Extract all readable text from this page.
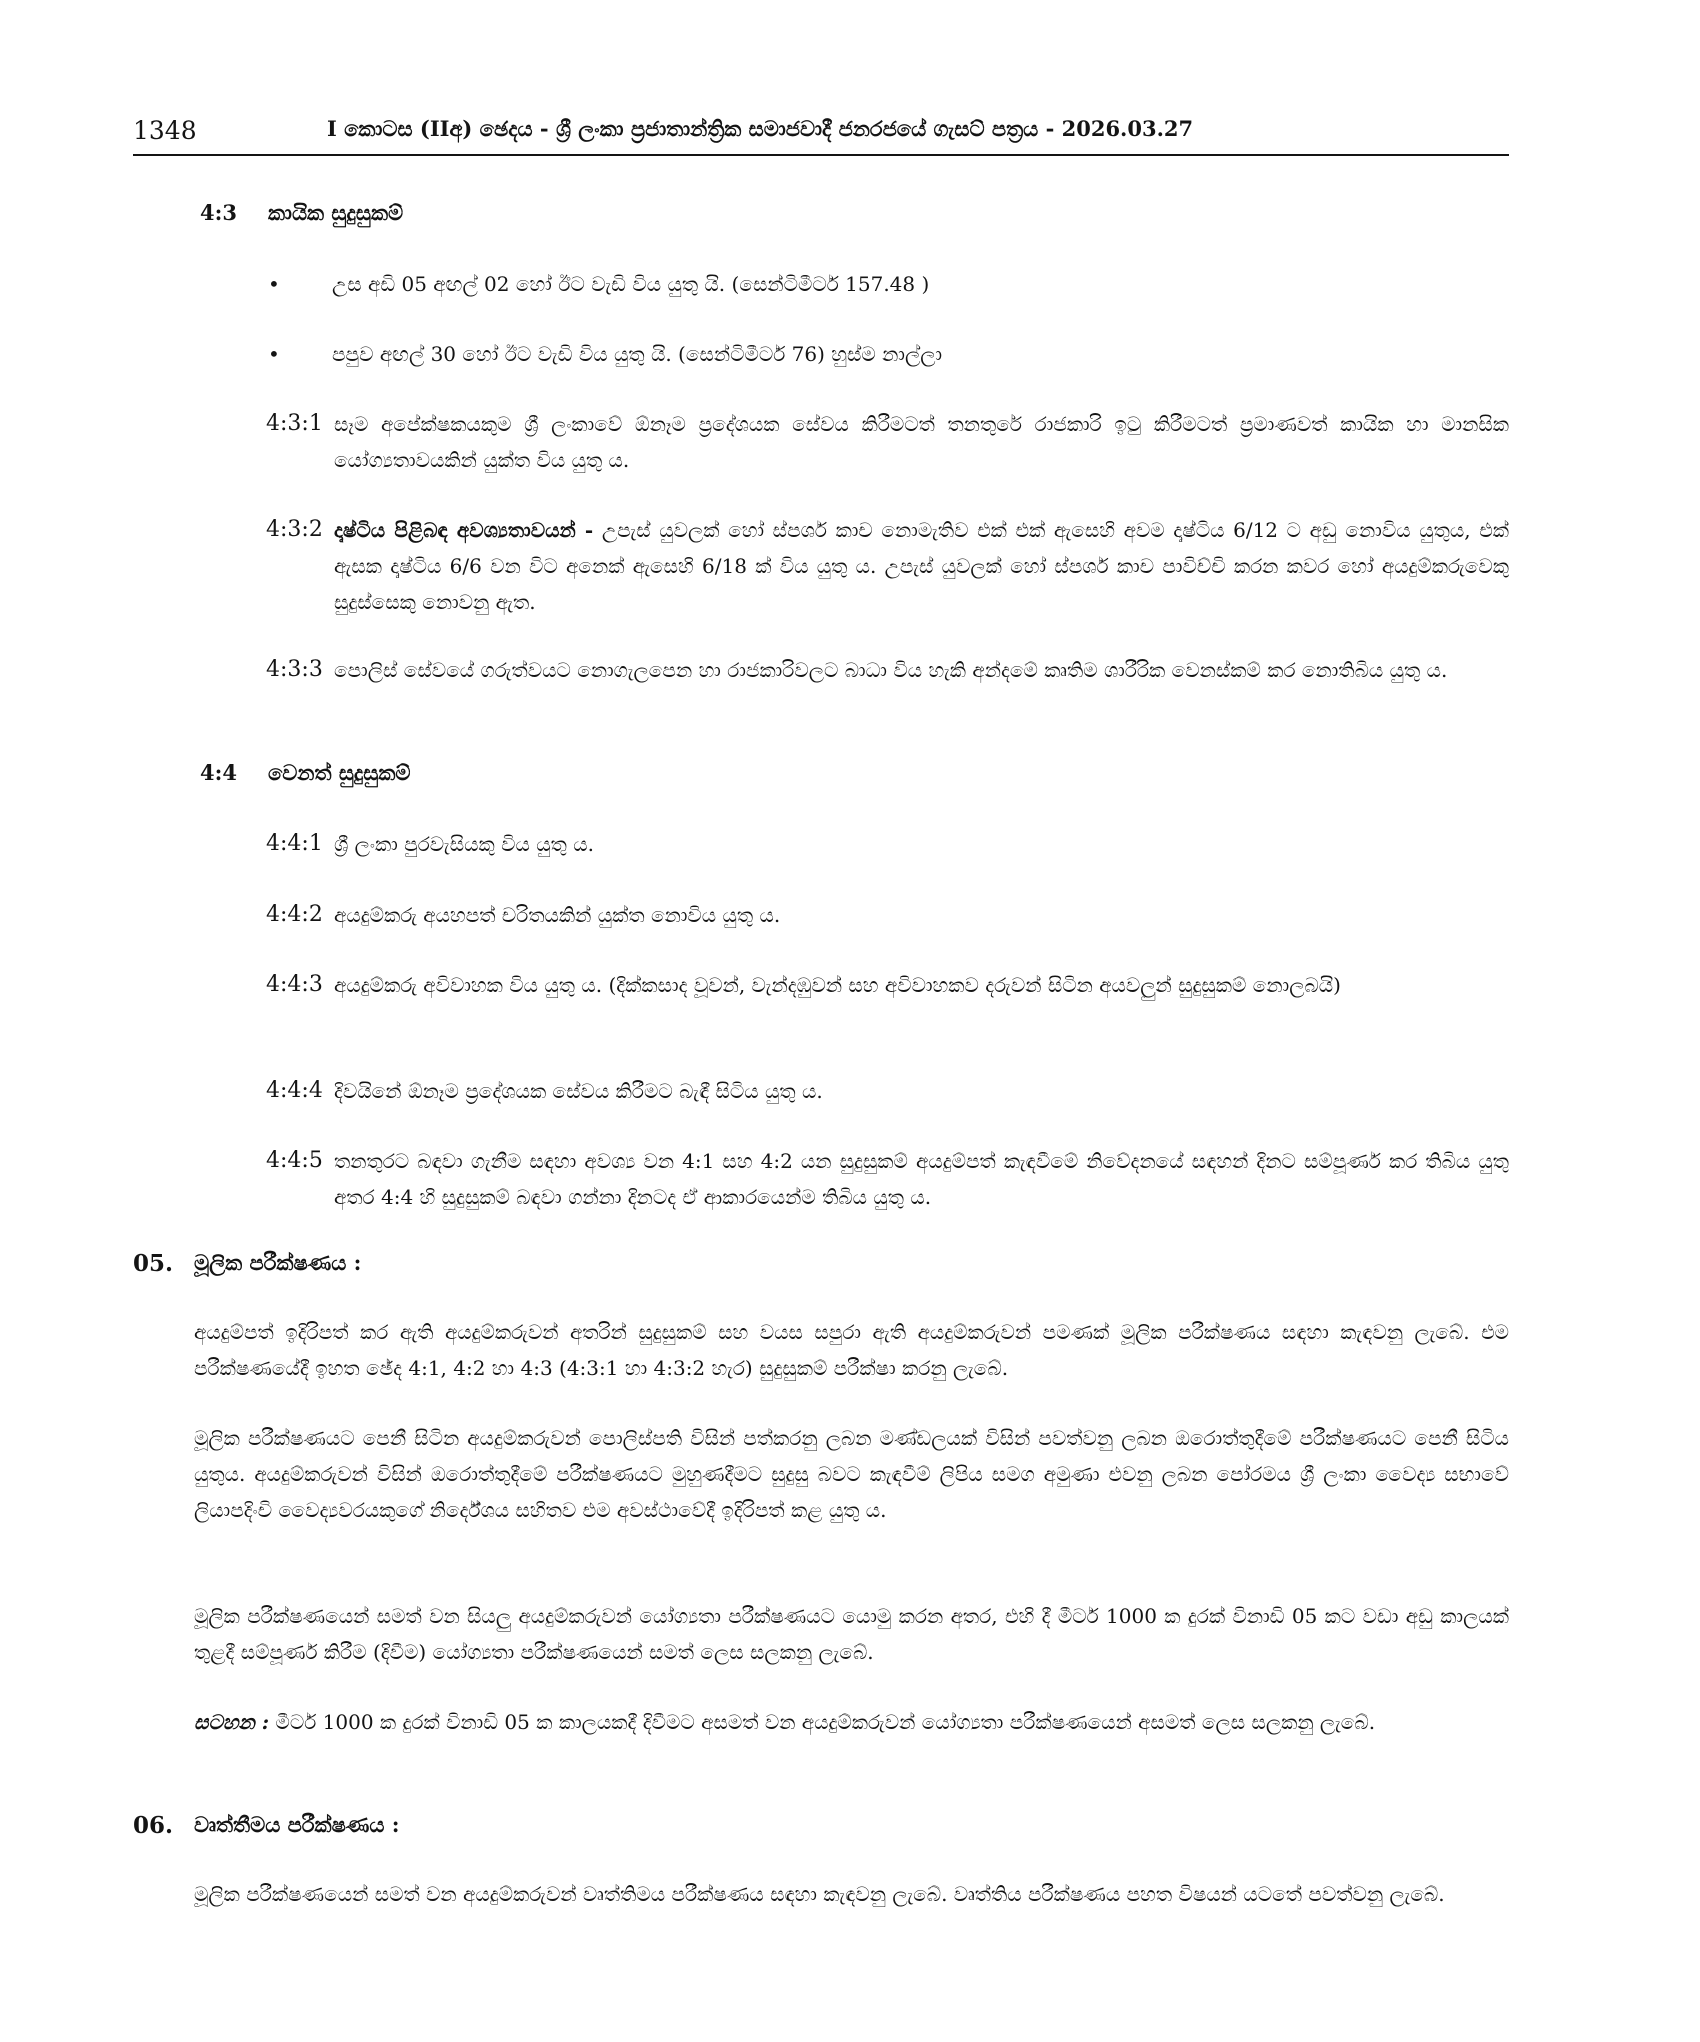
1348	I කොටස (IIඅ) ඡෙදය - ශ්‍රී ලංකා ප්‍රජාතාන්ත්‍රික සමාජවාදී ජනරජයේ ගැසට් පත්‍රය - 2026.03.27
4:3 කායික සුදුසුකම්
•	උස අඩි 05 අඟල් 02 හෝ ඊට වැඩි විය යුතු යි. (සෙන්ටිමීටර් 157.48 )
•	පපුව අඟල් 30 හෝ ඊට වැඩි විය යුතු යි. (සෙන්ටිමීටර් 76) හුස්ම නාල්ලා
4:3:1 සෑම අපේක්ෂකයකුම ශ්‍රී ලංකාවේ ඕනෑම ප්‍රදේශයක සේවය කිරීමටත් තනතුරේ රාජකාරි ඉටු කිරීමටත් ප්‍රමාණවත් කායික හා මානසික යෝග්‍යතාවයකින් යුක්ත විය යුතු ය.
4:3:2 දෘෂ්ටිය පිළිබඳ අවශ්‍යතාවයන් - උපැස් යුවලක් හෝ ස්පර්ශ කාච නොමැතිව එක් එක් ඇසෙහි අවම දෘෂ්ටිය 6/12 ට අඩු නොවිය යුතුය, එක් ඇසක දෘෂ්ටිය 6/6 වන විට අනෙක් ඇසෙහි 6/18 ක් විය යුතු ය. උපැස් යුවලක් හෝ ස්පර්ශ කාච පාවිච්චි කරන කවර හෝ අයදුම්කරුවෙකු සුදුස්සෙකු නොවනු ඇත.
4:3:3 පොලිස් සේවයේ ගරුත්වයට නොගැලපෙන හා රාජකාරිවලට බාධා විය හැකි අන්දමේ කෘතිම ශාරීරික වෙනස්කම් කර නොතිබිය යුතු ය.
4:4 වෙනත් සුදුසුකම්
4:4:1 ශ්‍රී ලංකා පුරවැසියකු විය යුතු ය.
4:4:2 අයදුම්කරු අයහපත් චරිතයකින් යුක්ත නොවිය යුතු ය.
4:4:3 අයදුම්කරු අවිවාහක විය යුතු ය. (දික්කසාද වූවන්, වැන්දඹුවන් සහ අවිවාහකව දරුවන් සිටින අයවලුන් සුදුසුකම් නොලබයි)
4:4:4 දිවයිනේ ඕනෑම ප්‍රදේශයක සේවය කිරීමට බැඳී සිටිය යුතු ය.
4:4:5 තනතුරට බඳවා ගැනීම සඳහා අවශ්‍ය වන 4:1 සහ 4:2 යන සුදුසුකම් අයදුම්පත් කැඳවීමේ නිවේදනයේ සඳහන් දිනට සම්පූර්ණ කර තිබිය යුතු අතර 4:4 හි සුදුසුකම් බඳවා ගන්නා දිනටද ඒ ආකාරයෙන්ම තිබිය යුතු ය.
05. මූලික පරීක්ෂණය :
අයදුම්පත් ඉදිරිපත් කර ඇති අයදුම්කරුවන් අතරින් සුදුසුකම් සහ වයස සපුරා ඇති අයදුම්කරුවන් පමණක් මූලික පරීක්ෂණය සඳහා කැඳවනු ලැබේ. එම පරීක්ෂණයේදී ඉහත ඡේද 4:1, 4:2 හා 4:3 (4:3:1 හා 4:3:2 හැර) සුදුසුකම් පරීක්ෂා කරනු ලැබේ.
මූලික පරීක්ෂණයට පෙනී සිටින අයදුම්කරුවන් පොලිස්පති විසින් පත්කරනු ලබන මණ්ඩලයක් විසින් පවත්වනු ලබන ඔරොත්තුදීමේ පරීක්ෂණයට පෙනී සිටිය යුතුය. අයදුම්කරුවන් විසින් ඔරොත්තුදීමේ පරීක්ෂණයට මුහුණදීමට සුදුසු බවට කැඳවීම් ලිපිය සමග අමුණා එවනු ලබන පෝරමය ශ්‍රී ලංකා වෛද්‍ය සභාවේ ලියාපදිංචි වෛද්‍යවරයකුගේ නිර්දේශය සහිතව එම අවස්ථාවේදී ඉදිරිපත් කළ යුතු ය.
මූලික පරීක්ෂණයෙන් සමත් වන සියලු අයදුම්කරුවන් යෝග්‍යතා පරීක්ෂණයට යොමු කරන අතර, එහි දී මීටර් 1000 ක දුරක් විනාඩි 05 කට වඩා අඩු කාලයක් තුළදී සම්පූර්ණ කිරීම (දිවීම) යෝග්‍යතා පරීක්ෂණයෙන් සමත් ලෙස සලකනු ලැබේ.
සටහන : මීටර් 1000 ක දුරක් විනාඩි 05 ක කාලයකදී දිවීමට අසමත් වන අයදුම්කරුවන් යෝග්‍යතා පරීක්ෂණයෙන් අසමත් ලෙස සලකනු ලැබේ.
06. වෘත්තීමය පරීක්ෂණය :
මූලික පරීක්ෂණයෙන් සමත් වන අයදුම්කරුවන් වෘත්තිමය පරීක්ෂණය සඳහා කැඳවනු ලැබේ. වෘත්තිය පරීක්ෂණය පහත විෂයන් යටතේ පවත්වනු ලැබේ.
